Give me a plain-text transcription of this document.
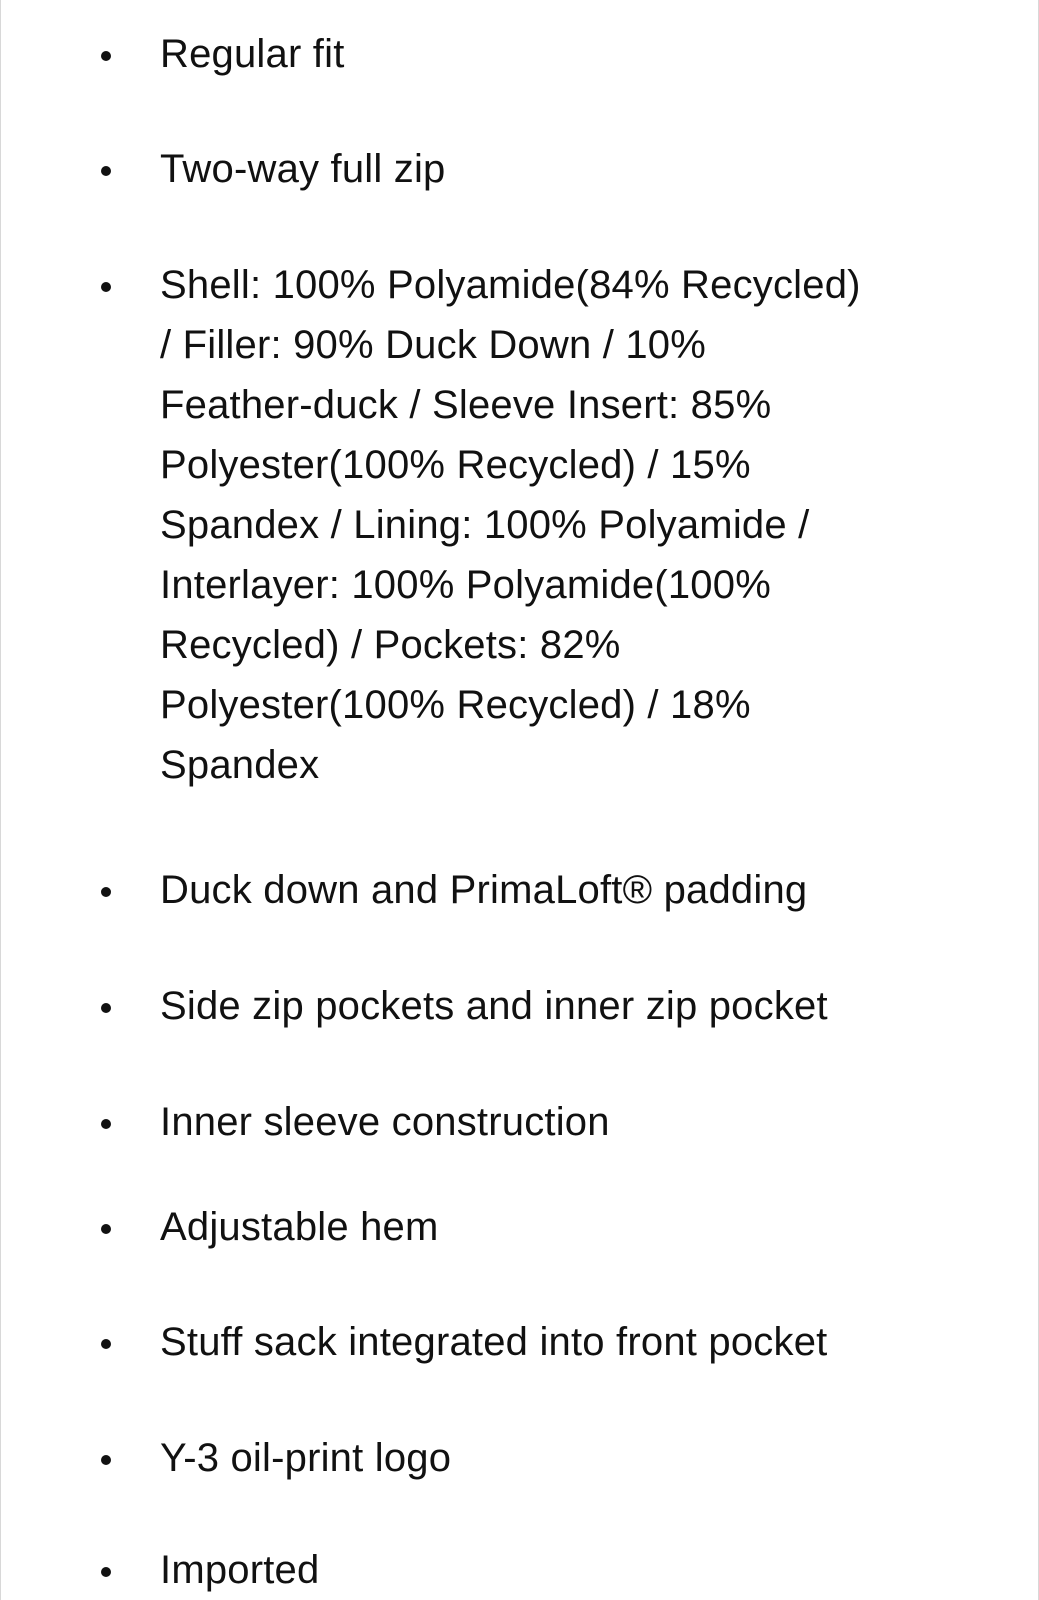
Regular fit
Two-way full zip
Shell: 100% Polyamide(84% Recycled)
/ Filler: 90% Duck Down / 10%
Feather-duck / Sleeve Insert: 85%
Polyester(100% Recycled) / 15%
Spandex / Lining: 100% Polyamide /
Interlayer: 100% Polyamide(100%
Recycled) / Pockets: 82%
Polyester(100% Recycled) / 18%
Spandex
Duck down and PrimaLoft® padding
Side zip pockets and inner zip pocket
Inner sleeve construction
Adjustable hem
Stuff sack integrated into front pocket
Y-3 oil-print logo
Imported
